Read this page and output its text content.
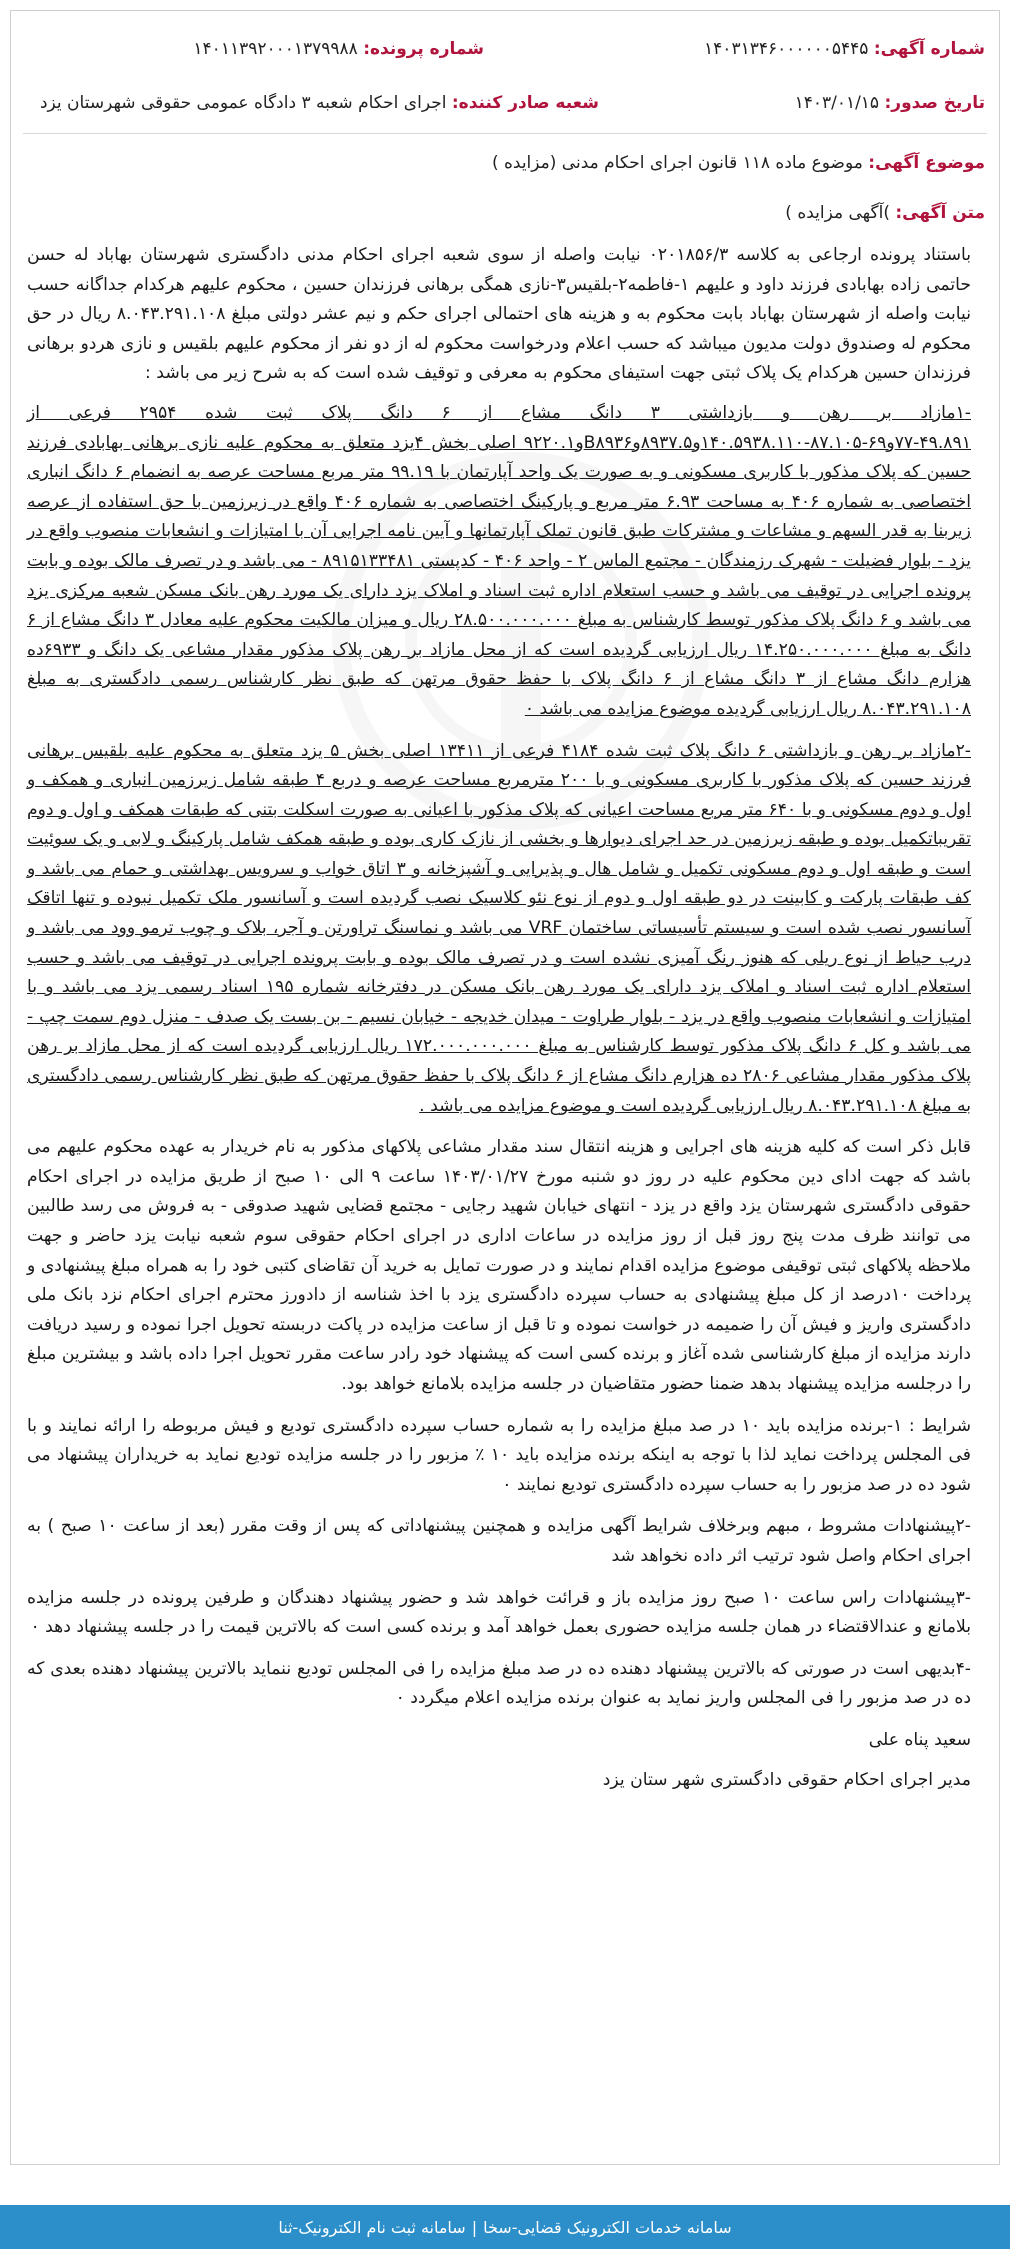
شماره آگهی: ۱۴۰۳۱۳۴۶۰۰۰۰۰۰۵۴۴۵
شماره پرونده: ۱۴۰۱۱۳۹۲۰۰۰۱۳۷۹۹۸۸
تاریخ صدور: ۱۴۰۳/۰۱/۱۵
شعبه صادر کننده: اجرای احکام شعبه ۳ دادگاه عمومی حقوقی شهرستان یزد
موضوع آگهی: موضوع ماده ۱۱۸ قانون اجرای احکام مدنی (مزایده )
متن آگهی: )آگهی مزایده )

باستناد پرونده ارجاعی به کلاسه ۰۲۰۱۸۵۶/۳ نیابت واصله از سوی شعبه اجرای احکام مدنی دادگستری شهرستان بهاباد له حسن حاتمی زاده بهابادی فرزند داود و علیهم ۱-فاطمه۲-بلقیس۳-نازی همگی برهانی فرزندان حسین ، محکوم علیهم هرکدام جداگانه حسب نیابت واصله از شهرستان بهاباد بابت محکوم به و هزینه های احتمالی اجرای حکم و نیم عشر دولتی مبلغ ۸.۰۴۳.۲۹۱.۱۰۸ ریال در حق محکوم له وصندوق دولت مدیون میباشد که حسب اعلام ودرخواست محکوم له از دو نفر از محکوم علیهم بلقیس و نازی هردو برهانی فرزندان حسین هرکدام یک پلاک ثبتی جهت استیفای محکوم به معرفی و توقیف شده است که به شرح زیر می باشد :

-۱مازاد بر رهن و بازداشتی ۳ دانگ مشاع از ۶ دانگ پلاک ثبت شده ۲۹۵۴ فرعی از ۴۹.۸۹۱-۷۷و۶۹-۸۷.۱۰۵-۱۴۰.۵۹۳۸.۱۱۰و۸۹۳۷.۵وB۸۹۳۶و۹۲۲۰.۱ اصلی بخش ۴یزد متعلق به محکوم علیه نازی برهانی بهابادی فرزند حسین که پلاک مذکور با کاربری مسکونی و به صورت یک واحد آپارتمان با ۹۹.۱۹ متر مربع مساحت عرصه به انضمام ۶ دانگ انباری اختصاصی به شماره ۴۰۶ به مساحت ۶.۹۳ متر مربع و پارکینگ اختصاصی به شماره ۴۰۶ واقع در زیرزمین با حق استفاده از عرصه زیربنا به قدر السهم و مشاعات و مشترکات طبق قانون تملک آپارتمانها و آیین نامه اجرایی آن با امتیازات و انشعابات منصوب واقع در یزد - بلوار فضیلت - شهرک رزمندگان - مجتمع الماس ۲ - واحد ۴۰۶ - کدپستی ۸۹۱۵۱۳۳۴۸۱ - می باشد و در تصرف مالک بوده و بابت پرونده اجرایی در توقیف می باشد و حسب استعلام اداره ثبت اسناد و املاک یزد دارای یک مورد رهن بانک مسکن شعبه مرکزی یزد می باشد و ۶ دانگ پلاک مذکور توسط کارشناس به مبلغ ۲۸.۵۰۰.۰۰۰.۰۰۰ ریال و میزان مالکیت محکوم علیه معادل ۳ دانگ مشاع از ۶ دانگ به مبلغ ۱۴.۲۵۰.۰۰۰.۰۰۰ ریال ارزیابی گردیده است که از محل مازاد بر رهن پلاک مذکور مقدار مشاعی یک دانگ و ۶۹۳۳ده هزارم دانگ مشاع از ۳ دانگ مشاع از ۶ دانگ پلاک با حفظ حقوق مرتهن که طبق نظر کارشناس رسمی دادگستری به مبلغ ۸.۰۴۳.۲۹۱.۱۰۸ ریال ارزیابی گردیده موضوع مزایده می باشد ٠

-۲مازاد بر رهن و بازداشتی ۶ دانگ پلاک ثبت شده ۴۱۸۴ فرعی از ۱۳۴۱۱ اصلی بخش ۵ یزد متعلق به محکوم علیه بلقیس برهانی فرزند حسین که پلاک مذکور با کاربری مسکونی و با ۲۰۰ مترمربع مساحت عرصه و دربع ۴ طبقه شامل زیرزمین انباری و همکف و اول و دوم مسکونی و با ۶۴۰ متر مربع مساحت اعیانی که پلاک مذکور با اعیانی به صورت اسکلت بتنی که طبقات همکف و اول و دوم تقریباتکمیل بوده و طبقه زیرزمین در حد اجرای دیوارها و بخشی از نازک کاری بوده و طبقه همکف شامل پارکینگ و لابی و یک سوئیت است و طبقه اول و دوم مسکونی تکمیل و شامل هال و پذیرایی و آشپزخانه و ۳ اتاق خواب و سرویس بهداشتی و حمام می باشد و کف طبقات پارکت و کابینت در دو طبقه اول و دوم از نوع نئو کلاسیک نصب گردیده است و آسانسور ملک تکمیل نبوده و تنها اتاقک آسانسور نصب شده است و سیستم تأسیساتی ساختمان VRF می باشد و نماسنگ تراورتن و آجر، بلاک و چوب ترمو وود می باشد و درب حیاط از نوع ریلی که هنوز رنگ آمیزی نشده است و در تصرف مالک بوده و بابت پرونده اجرایی در توقیف می باشد و حسب استعلام اداره ثبت اسناد و املاک یزد دارای یک مورد رهن بانک مسکن در دفترخانه شماره ۱۹۵ اسناد رسمی یزد می باشد و با امتیازات و انشعابات منصوب واقع در یزد - بلوار طراوت - میدان خدیجه - خیابان نسیم - بن بست یک صدف - منزل دوم سمت چپ - می باشد و کل ۶ دانگ پلاک مذکور توسط کارشناس به مبلغ ۱۷۲.۰۰۰.۰۰۰.۰۰۰ ریال ارزیابی گردیده است که از محل مازاد بر رهن پلاک مذکور مقدار مشاعی ۲۸۰۶ ده هزارم دانگ مشاع از ۶ دانگ پلاک با حفظ حقوق مرتهن که طبق نظر کارشناس رسمی دادگستری به مبلغ ۸.۰۴۳.۲۹۱.۱۰۸ ریال ارزیابی گردیده است و موضوع مزایده می باشد .

قابل ذکر است که کلیه هزینه های اجرایی و هزینه انتقال سند مقدار مشاعی پلاکهای مذکور به نام خریدار به عهده محکوم علیهم می باشد که جهت ادای دین محکوم علیه در روز دو شنبه مورخ ۱۴۰۳/۰۱/۲۷ ساعت ۹ الی ۱۰ صبح از طریق مزایده در اجرای احکام حقوقی دادگستری شهرستان یزد واقع در یزد - انتهای خیابان شهید رجایی - مجتمع قضایی شهید صدوقی - به فروش می رسد طالبین می توانند ظرف مدت پنج روز قبل از روز مزایده در ساعات اداری در اجرای احکام حقوقی سوم شعبه نیابت یزد حاضر و جهت ملاحظه پلاکهای ثبتی توقیفی موضوع مزایده اقدام نمایند و در صورت تمایل به خرید آن تقاضای کتبی خود را به همراه مبلغ پیشنهادی و پرداخت ۱۰درصد از کل مبلغ پیشنهادی به حساب سپرده دادگستری یزد با اخذ شناسه از دادورز محترم اجرای احکام نزد بانک ملی دادگستری واریز و فیش آن را ضمیمه در خواست نموده و تا قبل از ساعت مزایده در پاکت دربسته تحویل اجرا نموده و رسید دریافت دارند مزایده از مبلغ کارشناسی شده آغاز و برنده کسی است که پیشنهاد خود رادر ساعت مقرر تحویل اجرا داده باشد و بیشترین مبلغ را درجلسه مزایده پیشنهاد بدهد ضمنا حضور متقاضیان در جلسه مزایده بلامانع خواهد بود.

شرایط : ۱-برنده مزایده باید ۱۰ در صد مبلغ مزایده را به شماره حساب سپرده دادگستری تودیع و فیش مربوطه را ارائه نمایند و با فی المجلس پرداخت نماید لذا با توجه به اینکه برنده مزایده باید ۱۰ ٪ مزبور را در جلسه مزایده تودیع نماید به خریداران پیشنهاد می شود ده در صد مزبور را به حساب سپرده دادگستری تودیع نمایند ٠

-۲پیشنهادات مشروط ، مبهم وبرخلاف شرایط آگهی مزایده و همچنین پیشنهاداتی که پس از وقت مقرر (بعد از ساعت ۱۰ صبح ) به اجرای احکام واصل شود ترتیب اثر داده نخواهد شد

-۳پیشنهادات راس ساعت ۱۰ صبح روز مزایده باز و قرائت خواهد شد و حضور پیشنهاد دهندگان و طرفین پرونده در جلسه مزایده بلامانع و عندالاقتضاء در همان جلسه مزایده حضوری بعمل خواهد آمد و برنده کسی است که بالاترین قیمت را در جلسه پیشنهاد دهد ٠

-۴بدیهی است در صورتی که بالاترین پیشنهاد دهنده ده در صد مبلغ مزایده را فی المجلس تودیع ننماید بالاترین پیشنهاد دهنده بعدی که ده در صد مزبور را فی المجلس واریز نماید به عنوان برنده مزایده اعلام میگردد ٠

سعید پناه علی

مدیر اجرای احکام حقوقی دادگستری شهر ستان یزد

سامانه خدمات الکترونیک قضایی-سخا
|
سامانه ثبت نام الکترونیک-ثنا
